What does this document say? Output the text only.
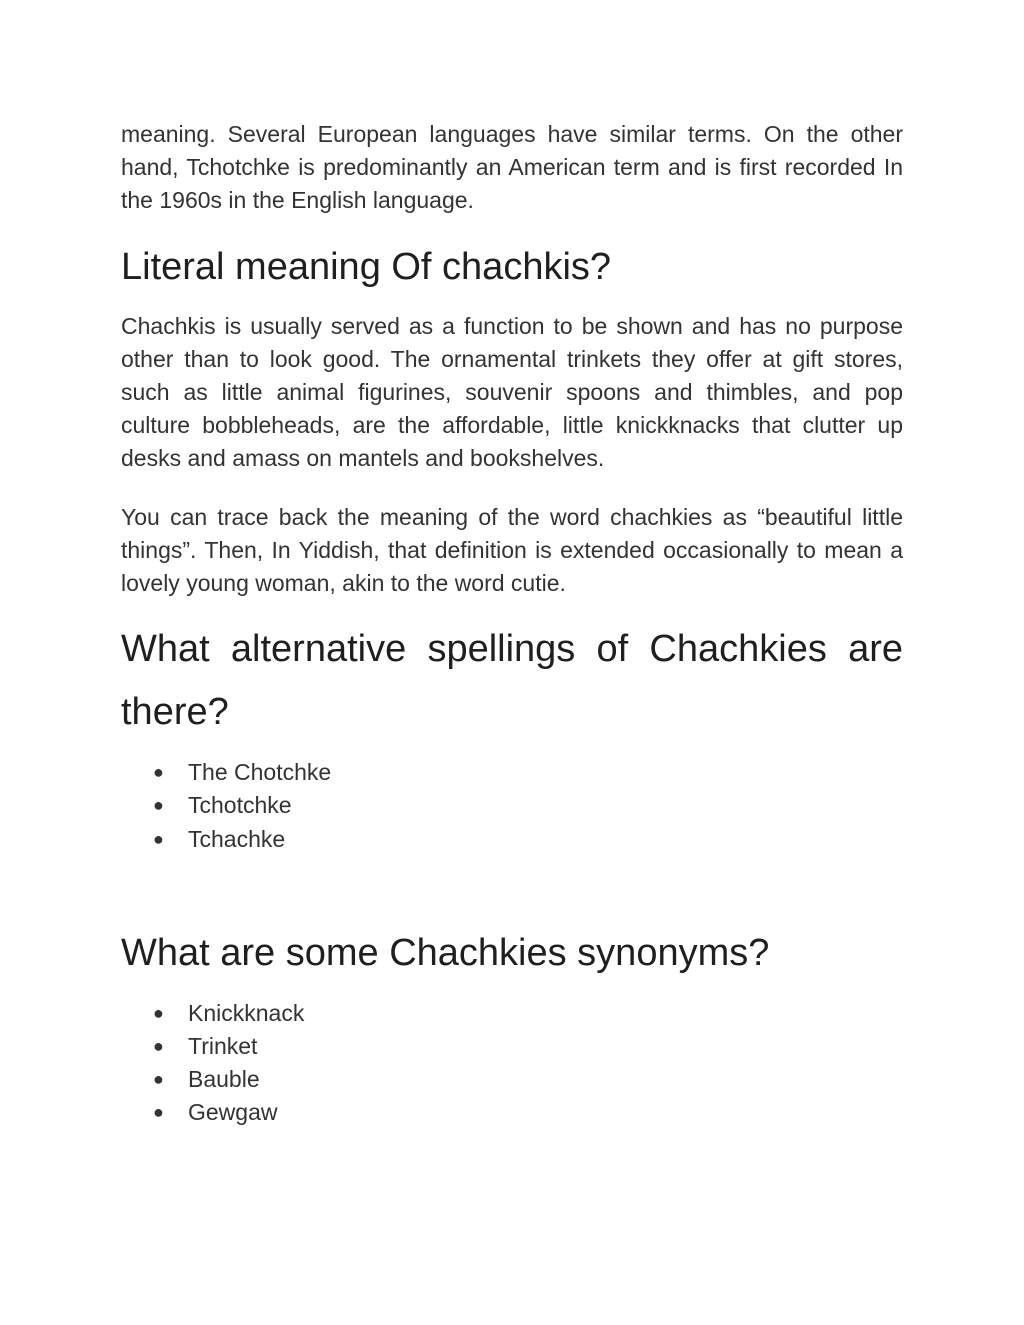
meaning. Several European languages have similar terms. On the other hand, Tchotchke is predominantly an American term and is first recorded In the 1960s in the English language.

Literal meaning Of chachkis?

Chachkis is usually served as a function to be shown and has no purpose other than to look good. The ornamental trinkets they offer at gift stores, such as little animal figurines, souvenir spoons and thimbles, and pop culture bobbleheads, are the affordable, little knickknacks that clutter up desks and amass on mantels and bookshelves.

You can trace back the meaning of the word chachkies as “beautiful little things”. Then, In Yiddish, that definition is extended occasionally to mean a lovely young woman, akin to the word cutie.

What alternative spellings of Chachkies are there?
● The Chotchke
● Tchotchke
● Tchachke
What are some Chachkies synonyms?
● Knickknack
● Trinket
● Bauble
● Gewgaw
